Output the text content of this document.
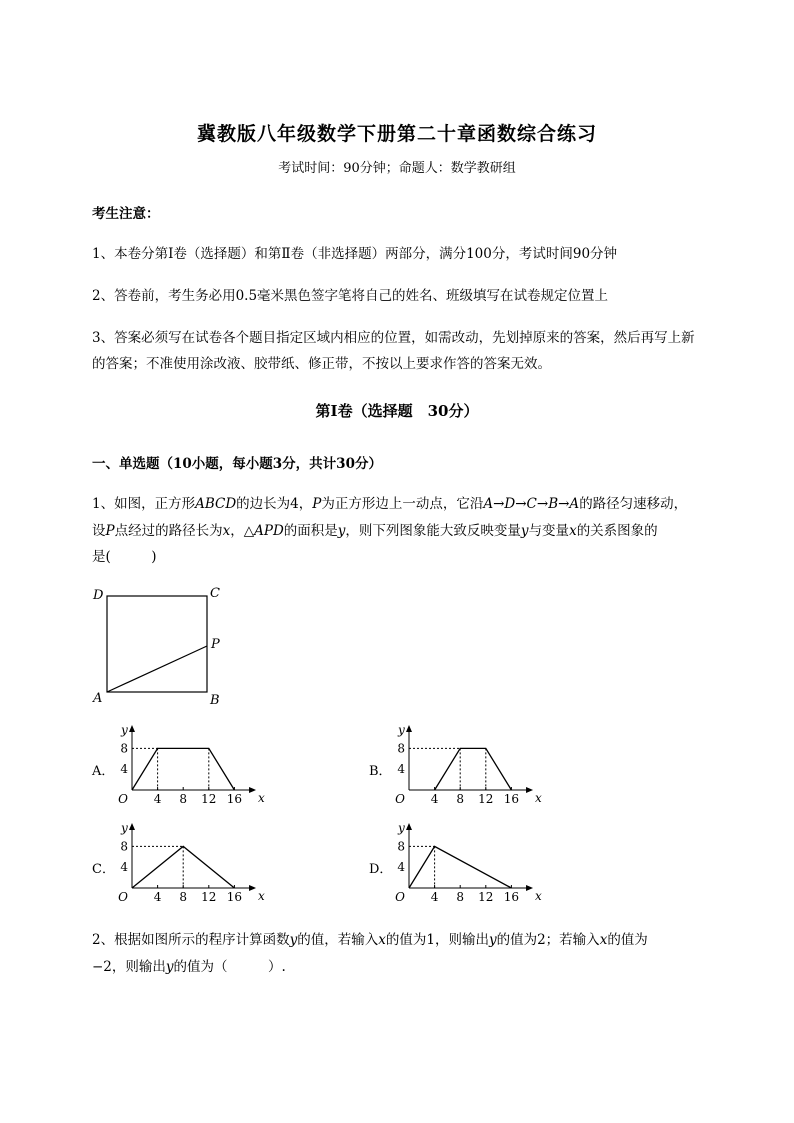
冀教版八年级数学下册第二十章函数综合练习
考试时间：90分钟；命题人：数学教研组
考生注意：
1、本卷分第I卷（选择题）和第Ⅱ卷（非选择题）两部分，满分100分，考试时间90分钟
2、答卷前，考生务必用0.5毫米黑色签字笔将自己的姓名、班级填写在试卷规定位置上
3、答案必须写在试卷各个题目指定区域内相应的位置，如需改动，先划掉原来的答案，然后再写上新
的答案；不准使用涂改液、胶带纸、修正带，不按以上要求作答的答案无效。
第I卷（选择题　30分）
一、单选题（10小题，每小题3分，共计30分）
1、如图，正方形ABCD的边长为4，P为正方形边上一动点，它沿A→D→C→B→A的路径匀速移动，
设P点经过的路径长为x，△APD的面积是y，则下列图象能大致反映变量y与变量x的关系图象的
是(　　　)
D	C
P
A	B
A．
4 8 12 16
4
8
O	x
y
B．
4 8 12 16
4
8
O	x
y
C．
4 8 12 16
4
8
O	x
y
D．
4 8 12 16
4
8
O	x
y
2、根据如图所示的程序计算函数y的值，若输入x的值为1，则输出y的值为2；若输入x的值为
−2，则输出y的值为（　　　）.
